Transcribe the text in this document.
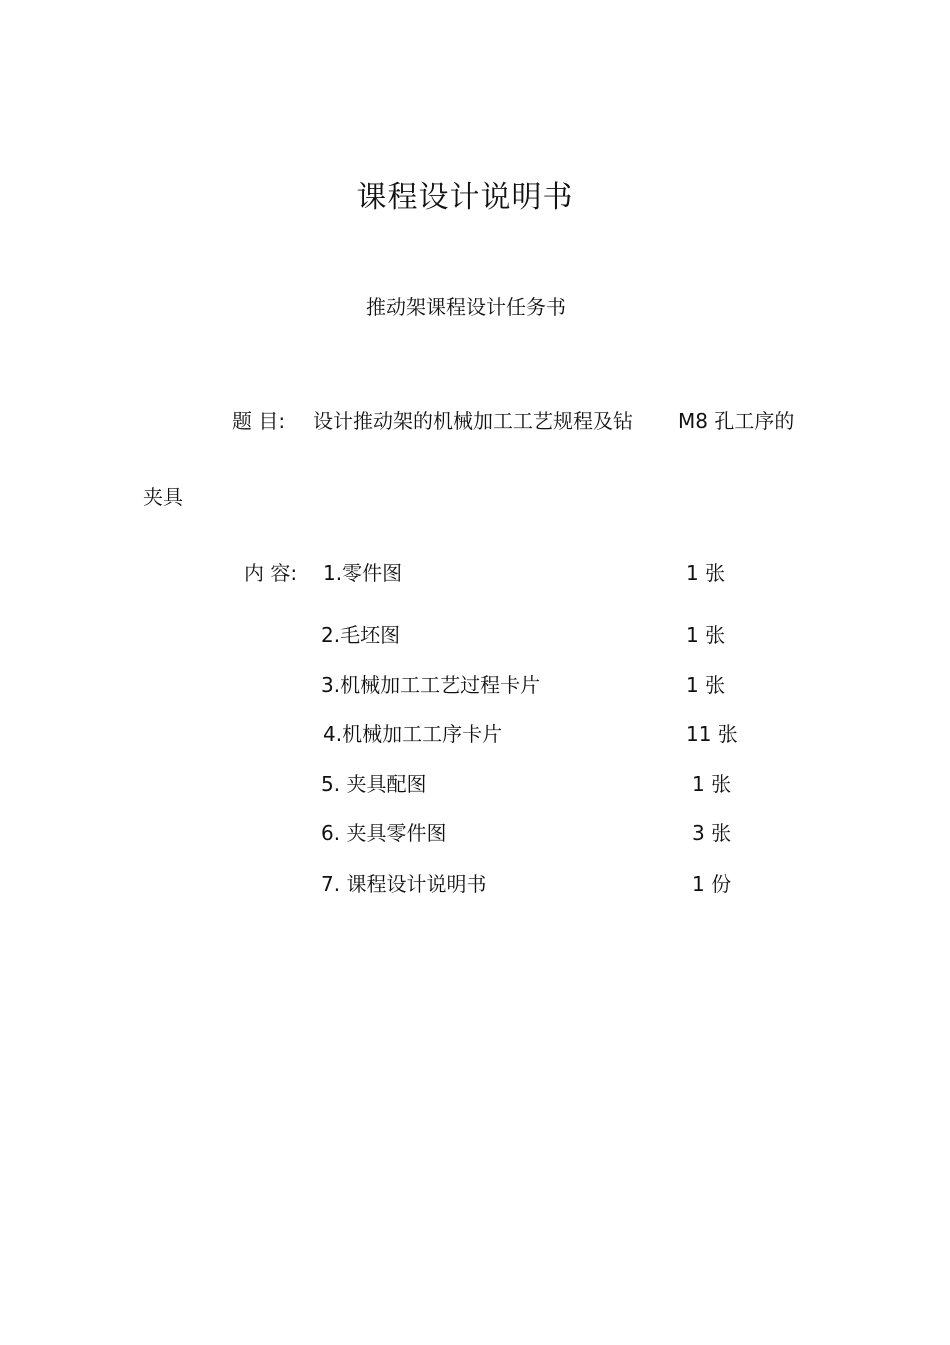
课程设计说明书
推动架课程设计任务书
题 目: 设计推动架的机械加工工艺规程及钻 M8 孔工序的
夹具
内 容: 1.零件图	1 张
2.毛坯图	1 张
3.机械加工工艺过程卡片	1 张
4.机械加工工序卡片	11 张
5. 夹具配图	1 张
6. 夹具零件图	3 张
7. 课程设计说明书	1 份
